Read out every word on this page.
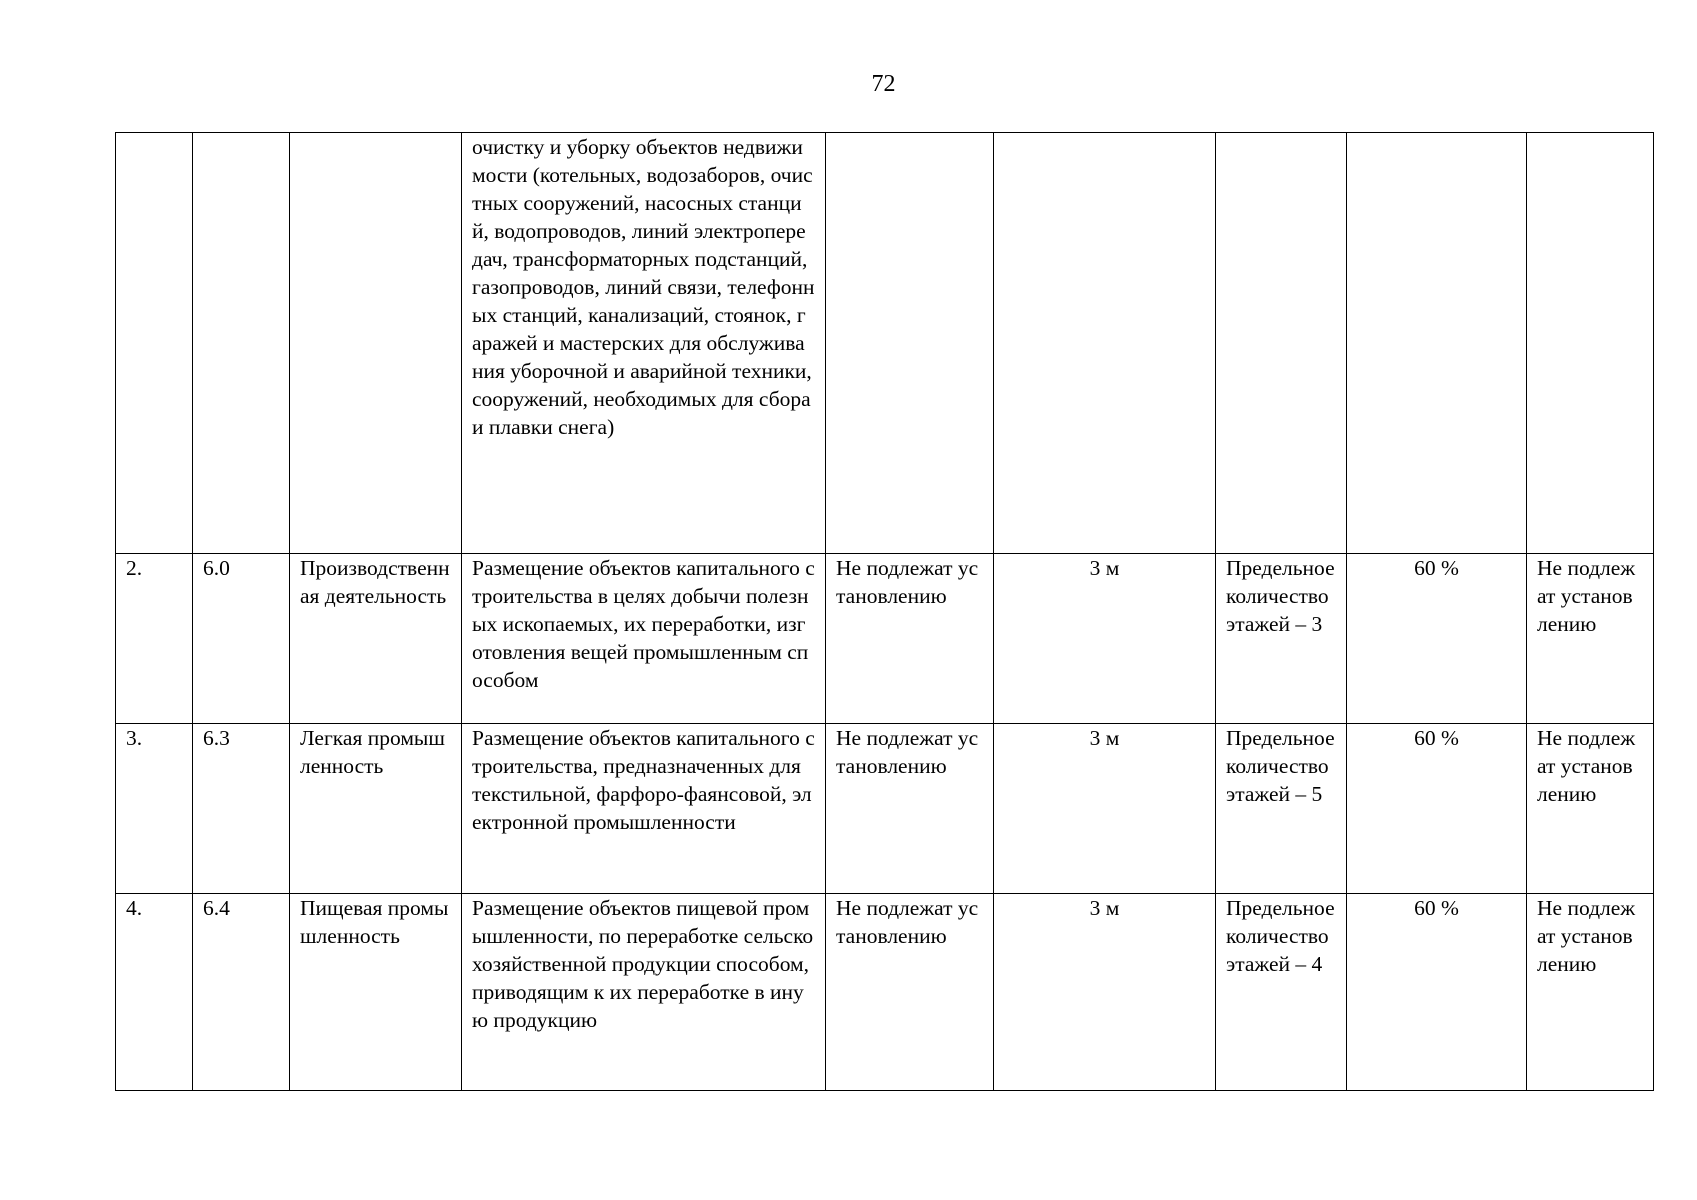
72
			очистку и уборку объектов недвижимости (котельных, водозаборов, очистных сооружений, насосных станций, водопроводов, линий электропередач, трансформаторных подстанций, газопроводов, линий связи, телефонных станций, канализаций, стоянок, гаражей и мастерских для обслуживания уборочной и аварийной техники, сооружений, необходимых для сбора и плавки снега)					
2.	6.0	Производственная деятельность	Размещение объектов капитального строительства в целях добычи полезных ископаемых, их переработки, изготовления вещей промышленным способом	Не подлежат установлению	3 м	Предельное количество этажей – 3	60 %	Не подлежат установлению
3.	6.3	Легкая промышленность	Размещение объектов капитального строительства, предназначенных для текстильной, фарфоро-фаянсовой, электронной промышленности	Не подлежат установлению	3 м	Предельное количество этажей – 5	60 %	Не подлежат установлению
4.	6.4	Пищевая промышленность	Размещение объектов пищевой промышленности, по переработке сельскохозяйственной продукции способом, приводящим к их переработке в иную продукцию	Не подлежат установлению	3 м	Предельное количество этажей – 4	60 %	Не подлежат установлению
